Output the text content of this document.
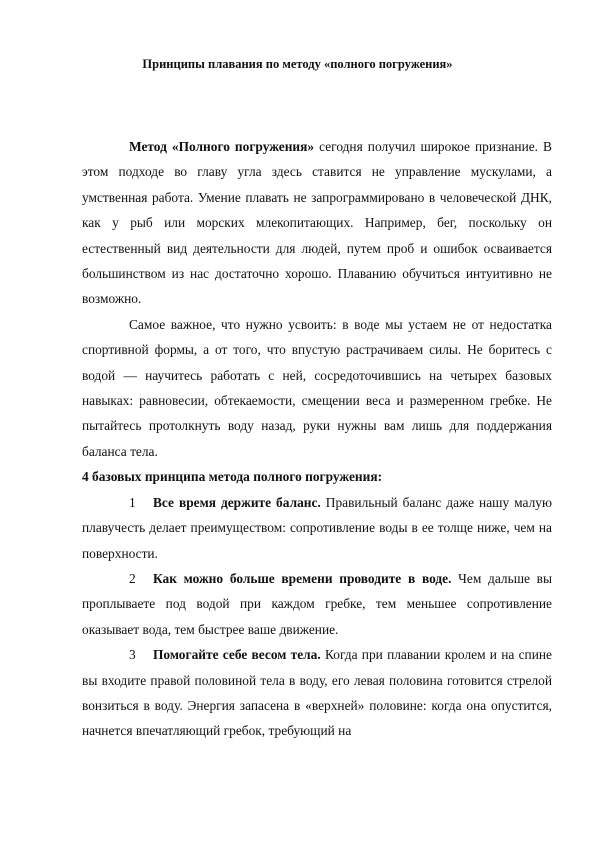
Принципы плавания по методу «полного погружения»

Метод «Полного погружения» сегодня получил широкое признание. В этом подходе во главу угла здесь ставится не управление мускулами, а умственная работа. Умение плавать не запрограммировано в человеческой ДНК, как у рыб или морских млекопитающих. Например, бег, поскольку он естественный вид деятельности для людей, путем проб и ошибок осваивается большинством из нас достаточно хорошо. Плаванию обучиться интуитивно не возможно.

Самое важное, что нужно усвоить: в воде мы устаем не от недостатка спортивной формы, а от того, что впустую растрачиваем силы. Не боритесь с водой — научитесь работать с ней, сосредоточившись на четырех базовых навыках: равновесии, обтекаемости, смещении веса и размеренном гребке. Не пытайтесь протолкнуть воду назад, руки нужны вам лишь для поддержания баланса тела.

4 базовых принципа метода полного погружения:

1 Все время держите баланс. Правильный баланс даже нашу малую плавучесть делает преимуществом: сопротивление воды в ее толще ниже, чем на поверхности.

2 Как можно больше времени проводите в воде. Чем дальше вы проплываете под водой при каждом гребке, тем меньшее сопротивление оказывает вода, тем быстрее ваше движение.

3 Помогайте себе весом тела. Когда при плавании кролем и на спине вы входите правой половиной тела в воду, его левая половина готовится стрелой вонзиться в воду. Энергия запасена в «верхней» половине: когда она опустится, начнется впечатляющий гребок, требующий на
